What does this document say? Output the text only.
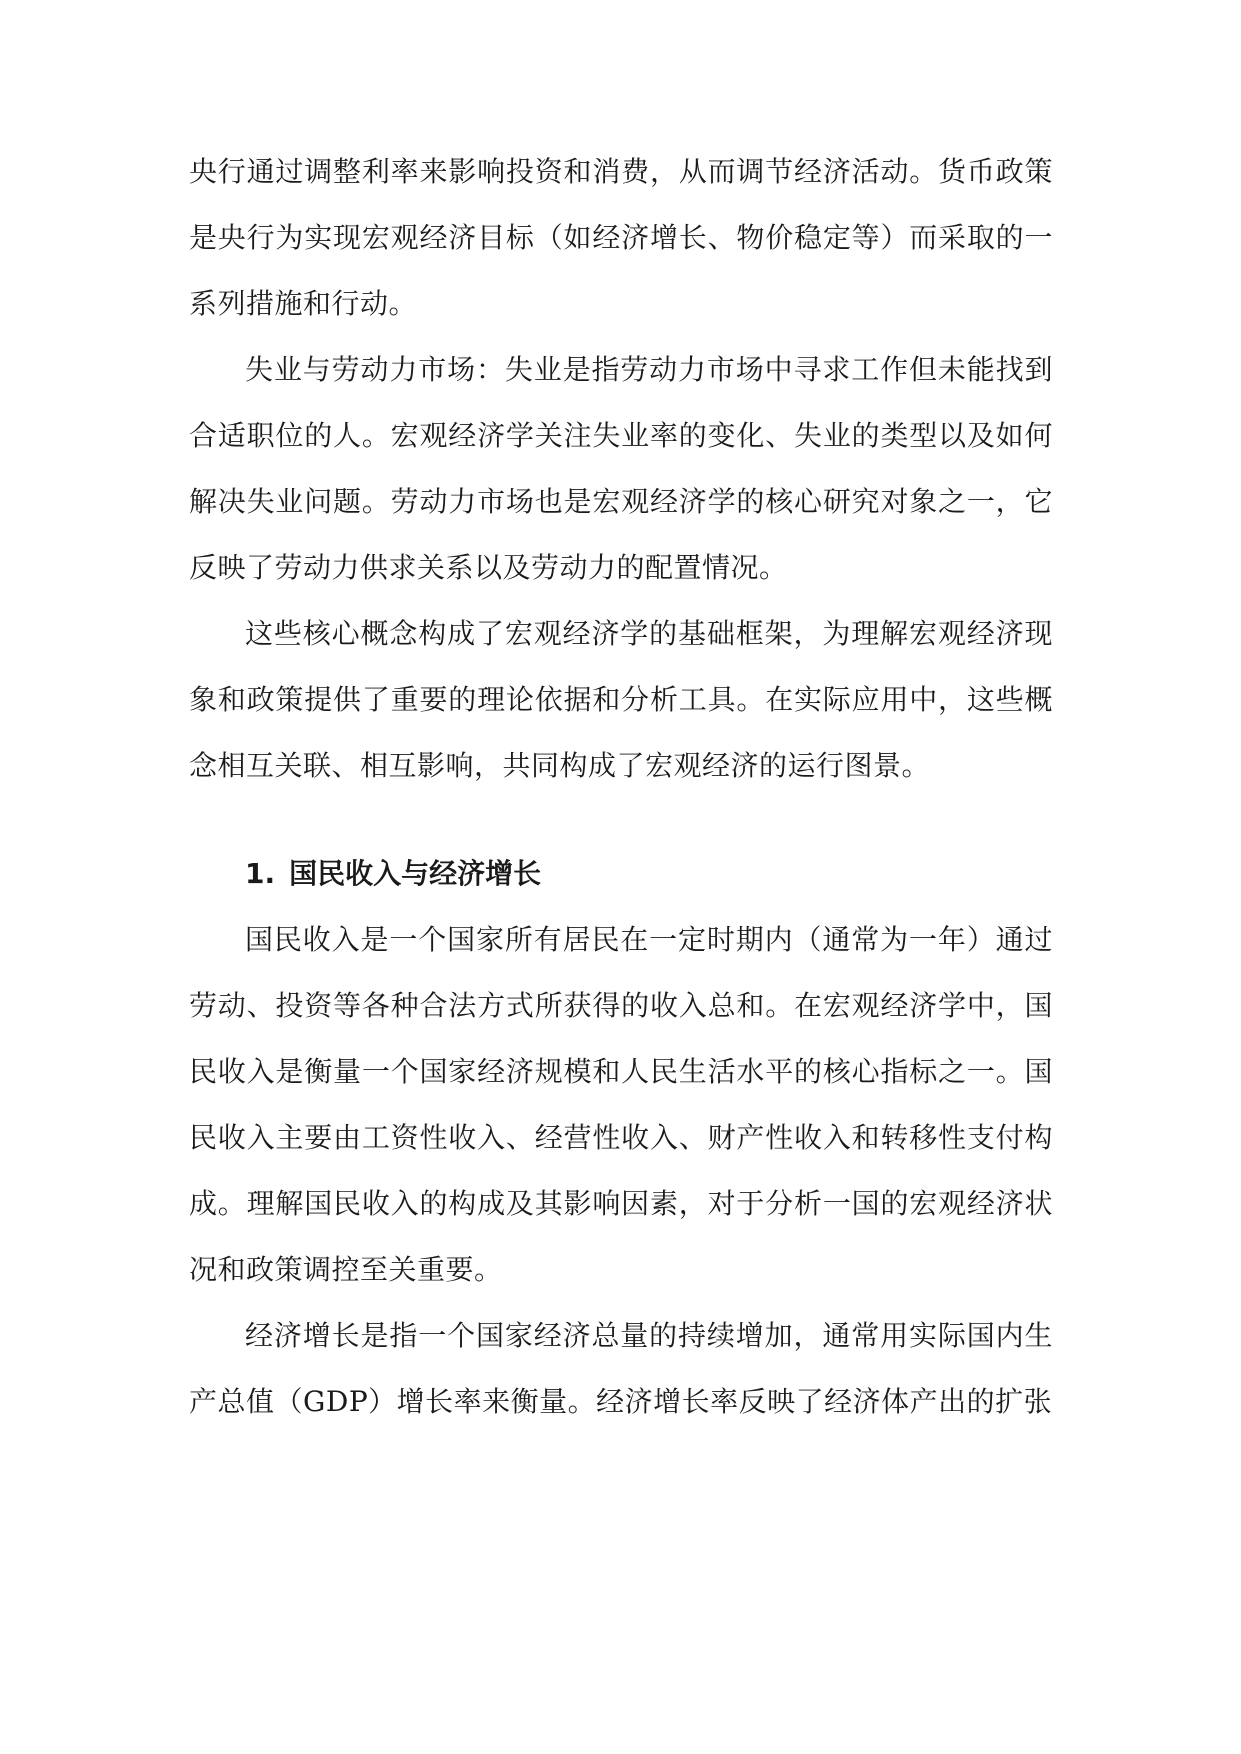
央行通过调整利率来影响投资和消费，从而调节经济活动。货币政策是央行为实现宏观经济目标（如经济增长、物价稳定等）而采取的一系列措施和行动。

失业与劳动力市场：失业是指劳动力市场中寻求工作但未能找到合适职位的人。宏观经济学关注失业率的变化、失业的类型以及如何解决失业问题。劳动力市场也是宏观经济学的核心研究对象之一，它反映了劳动力供求关系以及劳动力的配置情况。

这些核心概念构成了宏观经济学的基础框架，为理解宏观经济现象和政策提供了重要的理论依据和分析工具。在实际应用中，这些概念相互关联、相互影响，共同构成了宏观经济的运行图景。

1. 国民收入与经济增长

国民收入是一个国家所有居民在一定时期内（通常为一年）通过劳动、投资等各种合法方式所获得的收入总和。在宏观经济学中，国民收入是衡量一个国家经济规模和人民生活水平的核心指标之一。国民收入主要由工资性收入、经营性收入、财产性收入和转移性支付构成。理解国民收入的构成及其影响因素，对于分析一国的宏观经济状况和政策调控至关重要。

经济增长是指一个国家经济总量的持续增加，通常用实际国内生产总值（GDP）增长率来衡量。经济增长率反映了经济体产出的扩张
